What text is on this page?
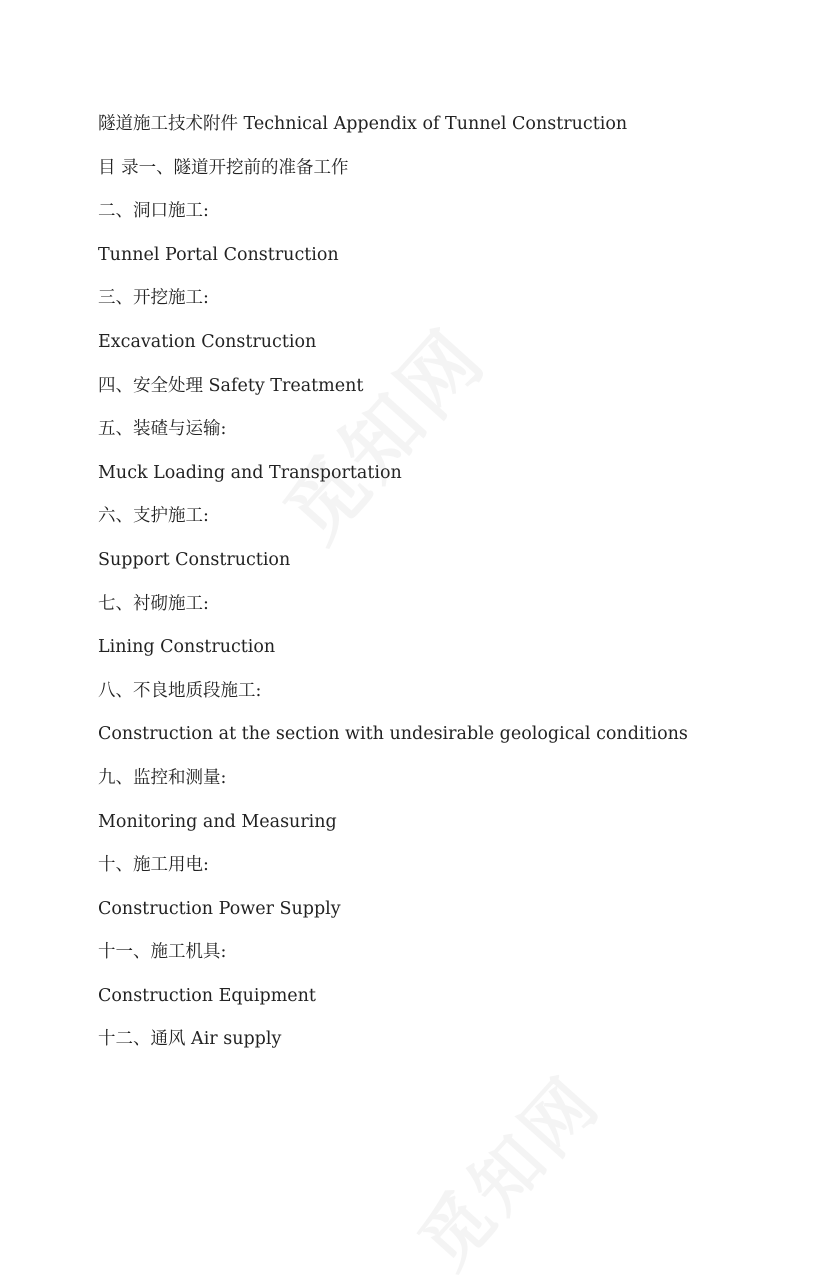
隧道施工技术附件 Technical Appendix of Tunnel Construction
目 录一、隧道开挖前的准备工作
二、洞口施工:
Tunnel Portal Construction
三、开挖施工:
Excavation Construction
四、安全处理 Safety Treatment
五、装碴与运输:
Muck Loading and Transportation
六、支护施工:
Support Construction
七、衬砌施工:
Lining Construction
八、不良地质段施工:
Construction at the section with undesirable geological conditions
九、监控和测量:
Monitoring and Measuring
十、施工用电:
Construction Power Supply
十一、施工机具:
Construction Equipment
十二、通风 Air supply
